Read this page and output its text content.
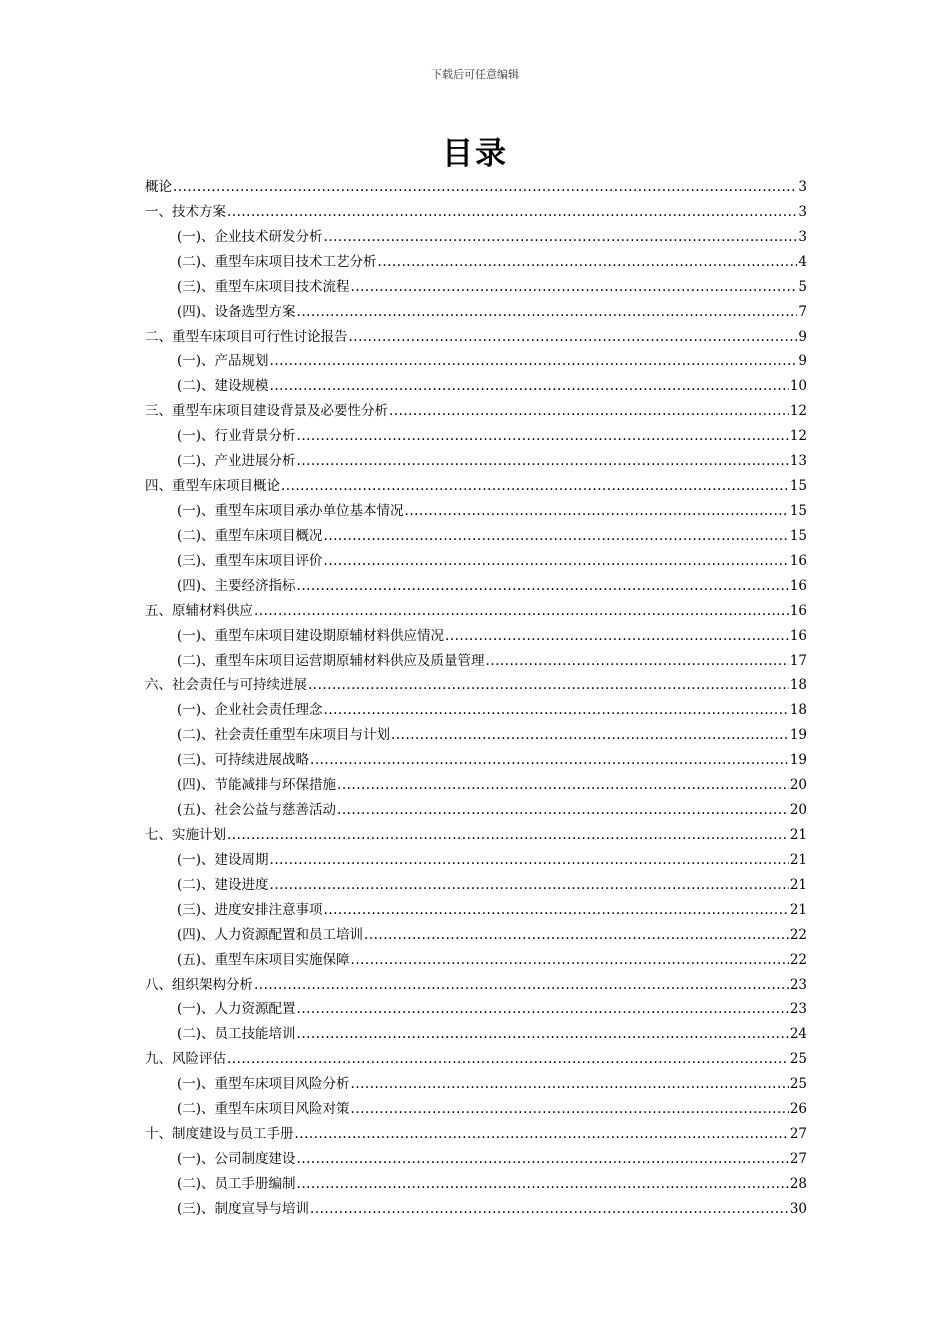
下载后可任意编辑
目录
概论 .....	3
一、技术方案 .....	3
(一)、企业技术研发分析 .....	3
(二)、重型车床项目技术工艺分析 .....	4
(三)、重型车床项目技术流程 .....	5
(四)、设备选型方案 .....	7
二、重型车床项目可行性讨论报告 .....	9
(一)、产品规划 .....	9
(二)、建设规模 .....	10
三、重型车床项目建设背景及必要性分析 .....	12
(一)、行业背景分析 .....	12
(二)、产业进展分析 .....	13
四、重型车床项目概论 .....	15
(一)、重型车床项目承办单位基本情况 .....	15
(二)、重型车床项目概况 .....	15
(三)、重型车床项目评价 .....	16
(四)、主要经济指标 .....	16
五、原辅材料供应 .....	16
(一)、重型车床项目建设期原辅材料供应情况 .....	16
(二)、重型车床项目运营期原辅材料供应及质量管理 .....	17
六、社会责任与可持续进展 .....	18
(一)、企业社会责任理念 .....	18
(二)、社会责任重型车床项目与计划 .....	19
(三)、可持续进展战略 .....	19
(四)、节能减排与环保措施 .....	20
(五)、社会公益与慈善活动 .....	20
七、实施计划 .....	21
(一)、建设周期 .....	21
(二)、建设进度 .....	21
(三)、进度安排注意事项 .....	21
(四)、人力资源配置和员工培训 .....	22
(五)、重型车床项目实施保障 .....	22
八、组织架构分析 .....	23
(一)、人力资源配置 .....	23
(二)、员工技能培训 .....	24
九、风险评估 .....	25
(一)、重型车床项目风险分析 .....	25
(二)、重型车床项目风险对策 .....	26
十、制度建设与员工手册 .....	27
(一)、公司制度建设 .....	27
(二)、员工手册编制 .....	28
(三)、制度宣导与培训 .....	30
